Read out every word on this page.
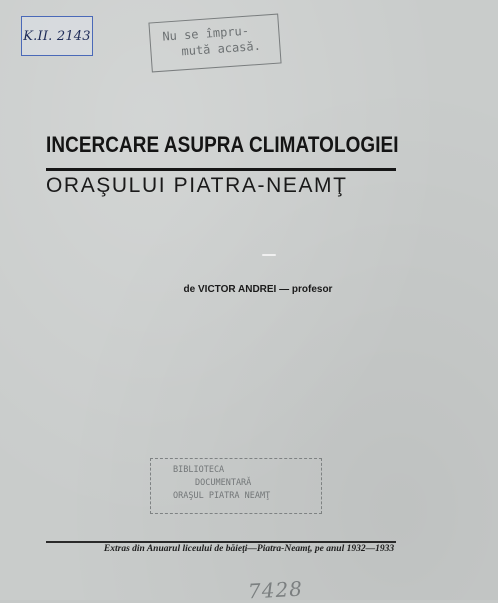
K.II. 2143	Nu se împru-
mută acasă.
INCERCARE ASUPRA CLIMATOLOGIEI
ORAŞULUI PIATRA-NEAMŢ
de VICTOR ANDREI — profesor
BIBLIOTECA
DOCUMENTARĂ
ORAŞUL PIATRA NEAMŢ
Extras din Anuarul liceului de băieţi—Piatra-Neamţ, pe anul 1932—1933
7428
